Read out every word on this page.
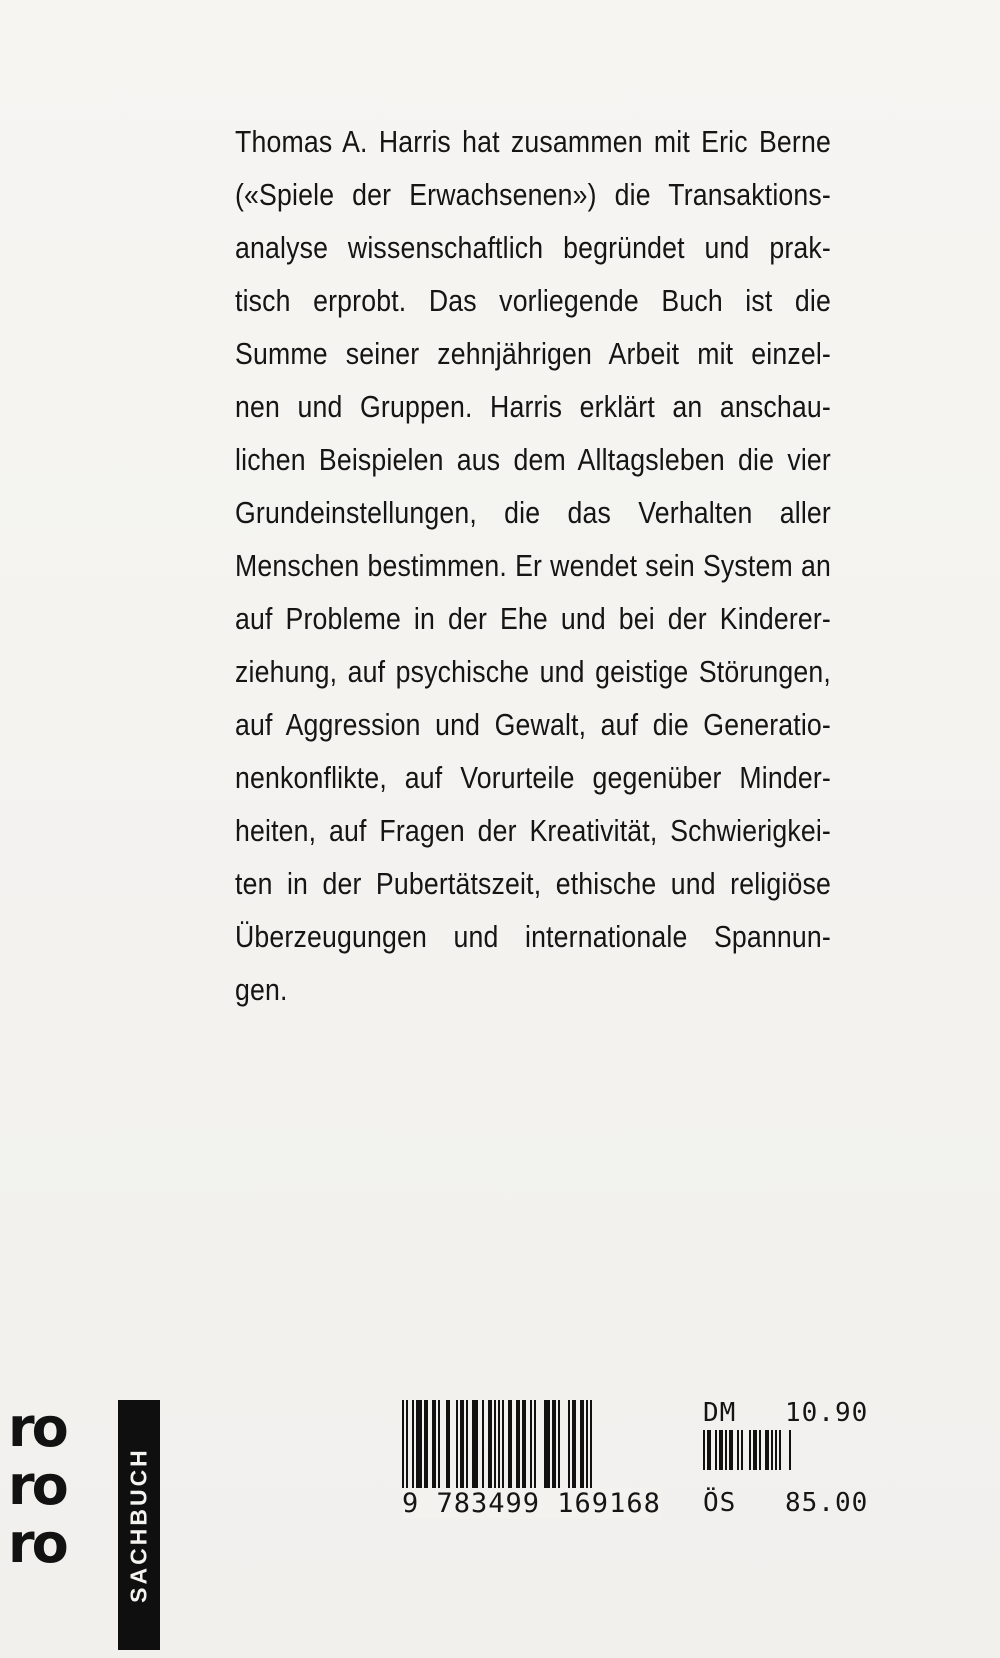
Thomas A. Harris hat zusammen mit Eric Berne
(«Spiele der Erwachsenen») die Transaktions-
analyse wissenschaftlich begründet und prak-
tisch erprobt. Das vorliegende Buch ist die
Summe seiner zehnjährigen Arbeit mit einzel-
nen und Gruppen. Harris erklärt an anschau-
lichen Beispielen aus dem Alltagsleben die vier
Grundeinstellungen, die das Verhalten aller
Menschen bestimmen. Er wendet sein System an
auf Probleme in der Ehe und bei der Kinderer-
ziehung, auf psychische und geistige Störungen,
auf Aggression und Gewalt, auf die Generatio-
nenkonflikte, auf Vorurteile gegenüber Minder-
heiten, auf Fragen der Kreativität, Schwierigkei-
ten in der Pubertätszeit, ethische und religiöse
Überzeugungen und internationale Spannun-
gen.
ro
ro
ro	SACHBUCH	9 783499 169168
DM 10.90
ÖS 85.00
